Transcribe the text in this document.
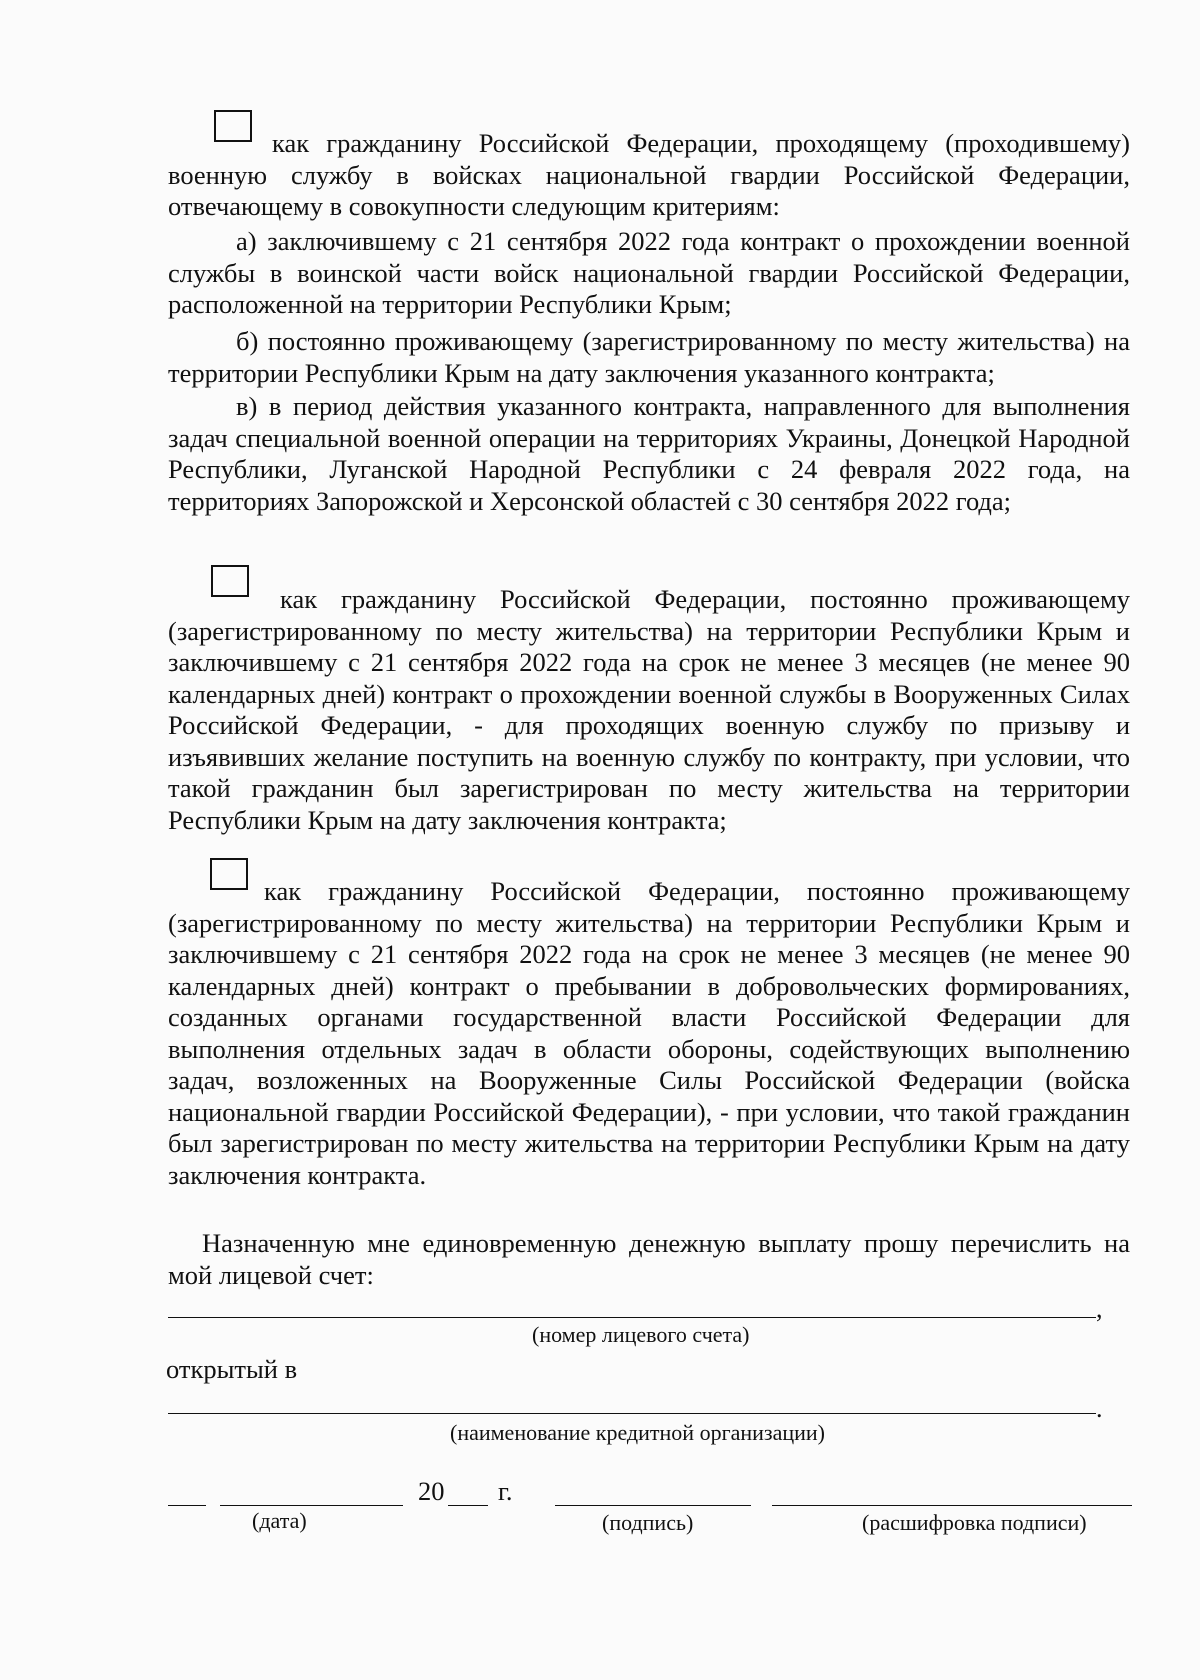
как гражданину Российской Федерации, проходящему (проходившему) военную службу в войсках национальной гвардии Российской Федерации, отвечающему в совокупности следующим критериям:

а) заключившему с 21 сентября 2022 года контракт о прохождении военной службы в воинской части войск национальной гвардии Российской Федерации, расположенной на территории Республики Крым;

б) постоянно проживающему (зарегистрированному по месту жительства) на территории Республики Крым на дату заключения указанного контракта;

в) в период действия указанного контракта, направленного для выполнения задач специальной военной операции на территориях Украины, Донецкой Народной Республики, Луганской Народной Республики с 24 февраля 2022 года, на территориях Запорожской и Херсонской областей с 30 сентября 2022 года;

как гражданину Российской Федерации, постоянно проживающему (зарегистрированному по месту жительства) на территории Республики Крым и заключившему с 21 сентября 2022 года на срок не менее 3 месяцев (не менее 90 календарных дней) контракт о прохождении военной службы в Вооруженных Силах Российской Федерации, - для проходящих военную службу по призыву и изъявивших желание поступить на военную службу по контракту, при условии, что такой гражданин был зарегистрирован по месту жительства на территории Республики Крым на дату заключения контракта;

как гражданину Российской Федерации, постоянно проживающему (зарегистрированному по месту жительства) на территории Республики Крым и заключившему с 21 сентября 2022 года на срок не менее 3 месяцев (не менее 90 календарных дней) контракт о пребывании в добровольческих формированиях, созданных органами государственной власти Российской Федерации для выполнения отдельных задач в области обороны, содействующих выполнению задач, возложенных на Вооруженные Силы Российской Федерации (войска национальной гвардии Российской Федерации), - при условии, что такой гражданин был зарегистрирован по месту жительства на территории Республики Крым на дату заключения контракта.

Назначенную мне единовременную денежную выплату прошу перечислить на мой лицевой счет:

,
(номер лицевого счета)
открытый в
.
(наименование кредитной организации)
20 г.
(дата)	(подпись)	(расшифровка подписи)
